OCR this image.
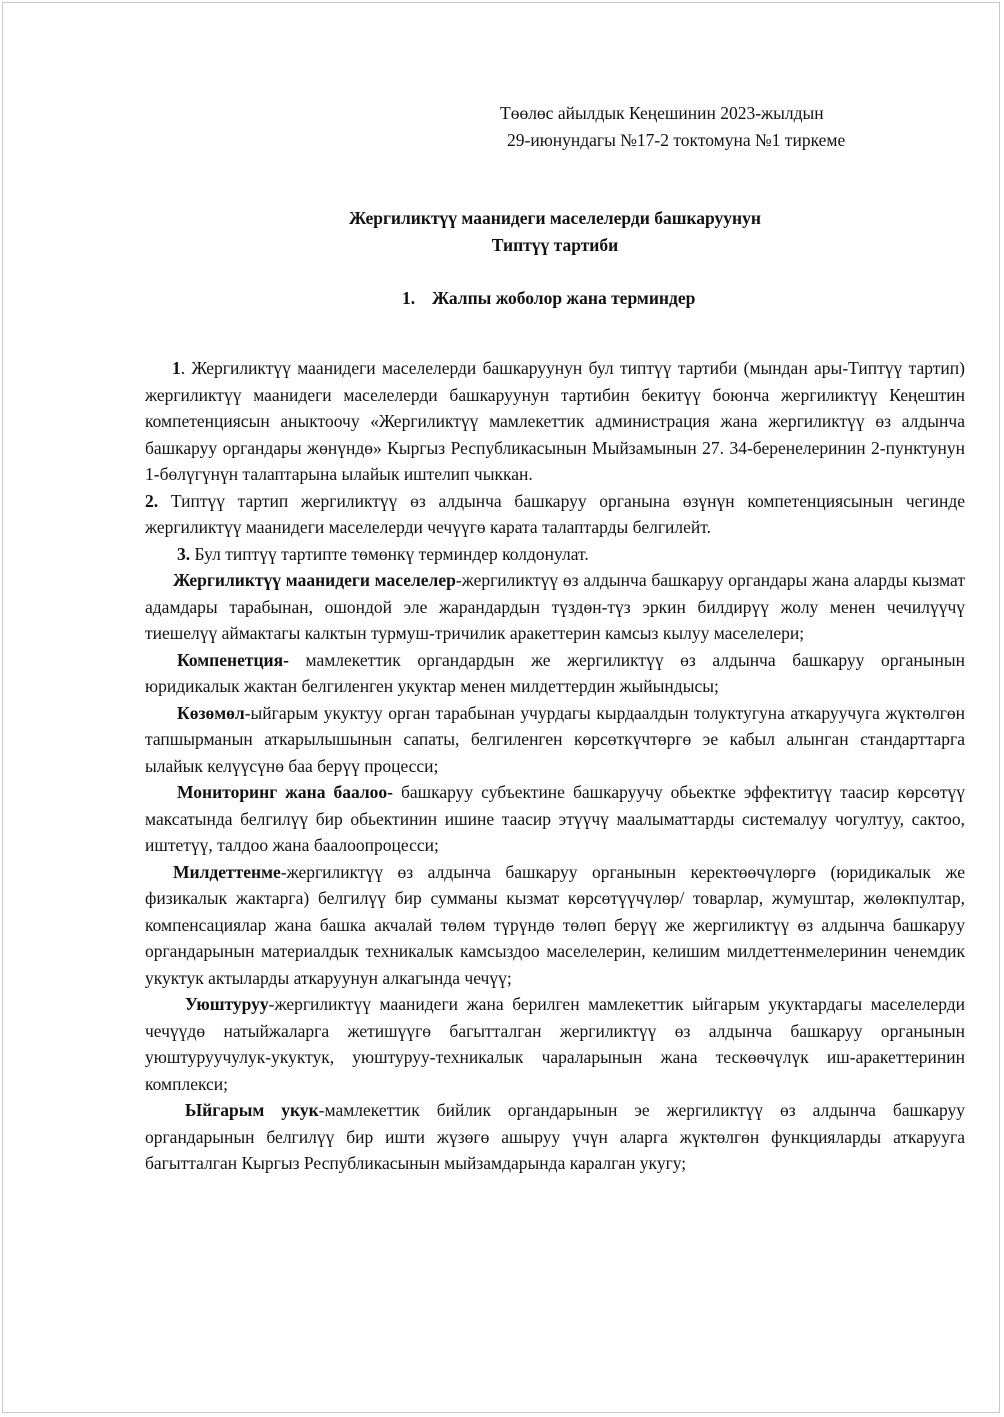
Төөлөс айылдык Кеңешинин 2023-жылдын
29-июнундагы №17-2 токтомуна №1 тиркеме
Жергиликтүү маанидеги маселелерди башкаруунун
Типтүү тартиби
1. Жалпы жоболор жана терминдер

1. Жергиликтүү маанидеги маселелерди башкаруунун бул типтүү тартиби (мындан ары-Типтүү тартип) жергиликтүү маанидеги маселелерди башкаруунун тартибин бекитүү боюнча жергиликтүү Кеңештин компетенциясын аныктоочу «Жергиликтүү мамлекеттик администрация жана жергиликтүү өз алдынча башкаруу органдары жөнүндө» Кыргыз Республикасынын Мыйзамынын 27. 34-беренелеринин 2-пунктунун 1-бөлүгүнүн талаптарына ылайык иштелип чыккан.

2. Типтүү тартип жергиликтүү өз алдынча башкаруу органына өзүнүн компетенциясынын чегинде жергиликтүү маанидеги маселелерди чечүүгө карата талаптарды белгилейт.

3. Бул типтүү тартипте төмөнкү терминдер колдонулат.

Жергиликтүү маанидеги маселелер-жергиликтүү өз алдынча башкаруу органдары жана аларды кызмат адамдары тарабынан, ошондой эле жарандардын түздөн-түз эркин билдирүү жолу менен чечилүүчү тиешелүү аймактагы калктын турмуш-тричилик аракеттерин камсыз кылуу маселелери;

Компенетция- мамлекеттик органдардын же жергиликтүү өз алдынча башкаруу органынын юридикалык жактан белгиленген укуктар менен милдеттердин жыйындысы;

Көзөмөл-ыйгарым укуктуу орган тарабынан учурдагы кырдаалдын толуктугуна аткаруучуга жүктөлгөн тапшырманын аткарылышынын сапаты, белгиленген көрсөткүчтөргө эе кабыл алынган стандарттарга ылайык келүүсүнө баа берүү процесси;

Мониторинг жана баалоо- башкаруу субъектине башкаруучу обьектке эффектитүү таасир көрсөтүү максатында белгилүү бир обьектинин ишине таасир этүүчү маалыматтарды системалуу чогултуу, сактоо, иштетүү, талдоо жана баалоопроцесси;

Милдеттенме-жергиликтүү өз алдынча башкаруу органынын керектөөчүлөргө (юридикалык же физикалык жактарга) белгилүү бир сумманы кызмат көрсөтүүчүлөр/ товарлар, жумуштар, жөлөкпултар, компенсациялар жана башка акчалай төлөм түрүндө төлөп берүү же жергиликтүү өз алдынча башкаруу органдарынын материалдык техникалык камсыздоо маселелерин, келишим милдеттенмелеринин ченемдик укуктук актыларды аткаруунун алкагында чечүү;

Уюштуруу-жергиликтүү маанидеги жана берилген мамлекеттик ыйгарым укуктардагы маселелерди чечүүдө натыйжаларга жетишүүгө багытталган жергиликтүү өз алдынча башкаруу органынын уюштуруучулук-укуктук, уюштуруу-техникалык чараларынын жана тескөөчүлүк иш-аракеттеринин комплекси;

Ыйгарым укук-мамлекеттик бийлик органдарынын эе жергиликтүү өз алдынча башкаруу органдарынын белгилүү бир ишти жүзөгө ашыруу үчүн аларга жүктөлгөн функцияларды аткарууга багытталган Кыргыз Республикасынын мыйзамдарында каралган укугу;
